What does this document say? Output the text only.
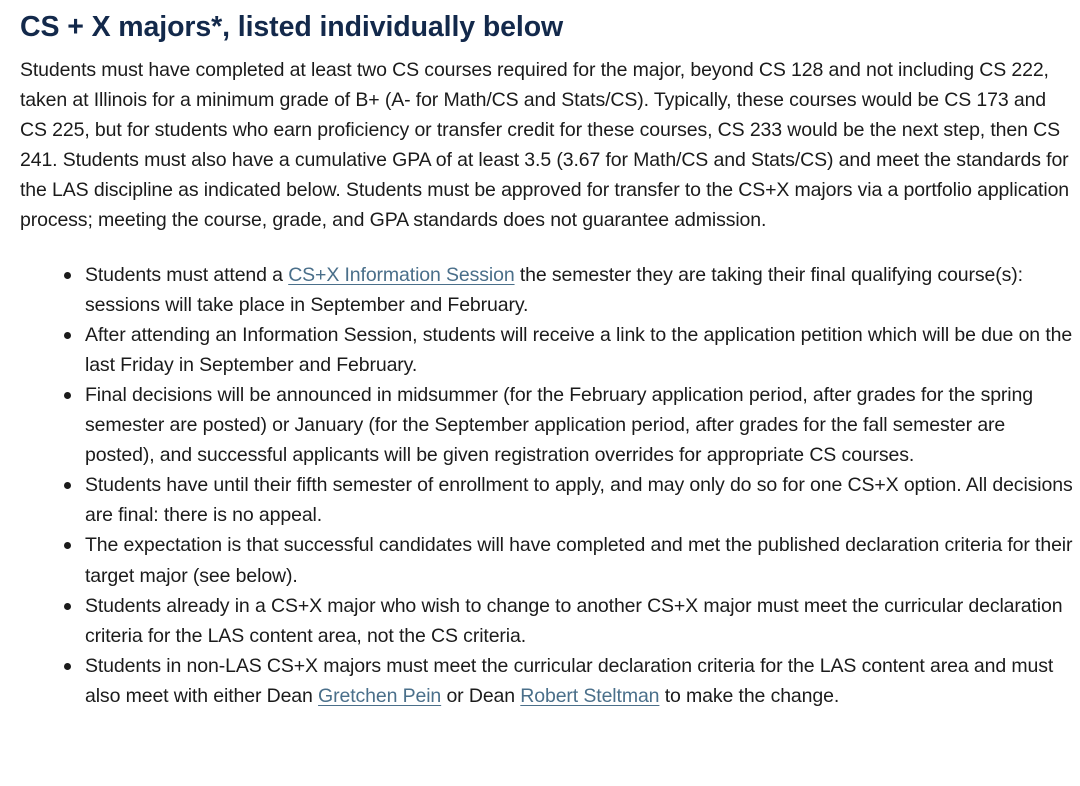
CS + X majors*, listed individually below

Students must have completed at least two CS courses required for the major, beyond CS 128 and not including CS 222, taken at Illinois for a minimum grade of B+ (A- for Math/CS and Stats/CS). Typically, these courses would be CS 173 and CS 225, but for students who earn proficiency or transfer credit for these courses, CS 233 would be the next step, then CS 241. Students must also have a cumulative GPA of at least 3.5 (3.67 for Math/CS and Stats/CS) and meet the standards for the LAS discipline as indicated below. Students must be approved for transfer to the CS+X majors via a portfolio application process; meeting the course, grade, and GPA standards does not guarantee admission.

Students must attend a CS+X Information Session the semester they are taking their final qualifying course(s): sessions will take place in September and February.
After attending an Information Session, students will receive a link to the application petition which will be due on the last Friday in September and February.
Final decisions will be announced in midsummer (for the February application period, after grades for the spring semester are posted) or January (for the September application period, after grades for the fall semester are posted), and successful applicants will be given registration overrides for appropriate CS courses.
Students have until their fifth semester of enrollment to apply, and may only do so for one CS+X option. All decisions are final: there is no appeal.
The expectation is that successful candidates will have completed and met the published declaration criteria for their target major (see below).
Students already in a CS+X major who wish to change to another CS+X major must meet the curricular declaration criteria for the LAS content area, not the CS criteria.
Students in non-LAS CS+X majors must meet the curricular declaration criteria for the LAS content area and must also meet with either Dean Gretchen Pein or Dean Robert Steltman to make the change.
